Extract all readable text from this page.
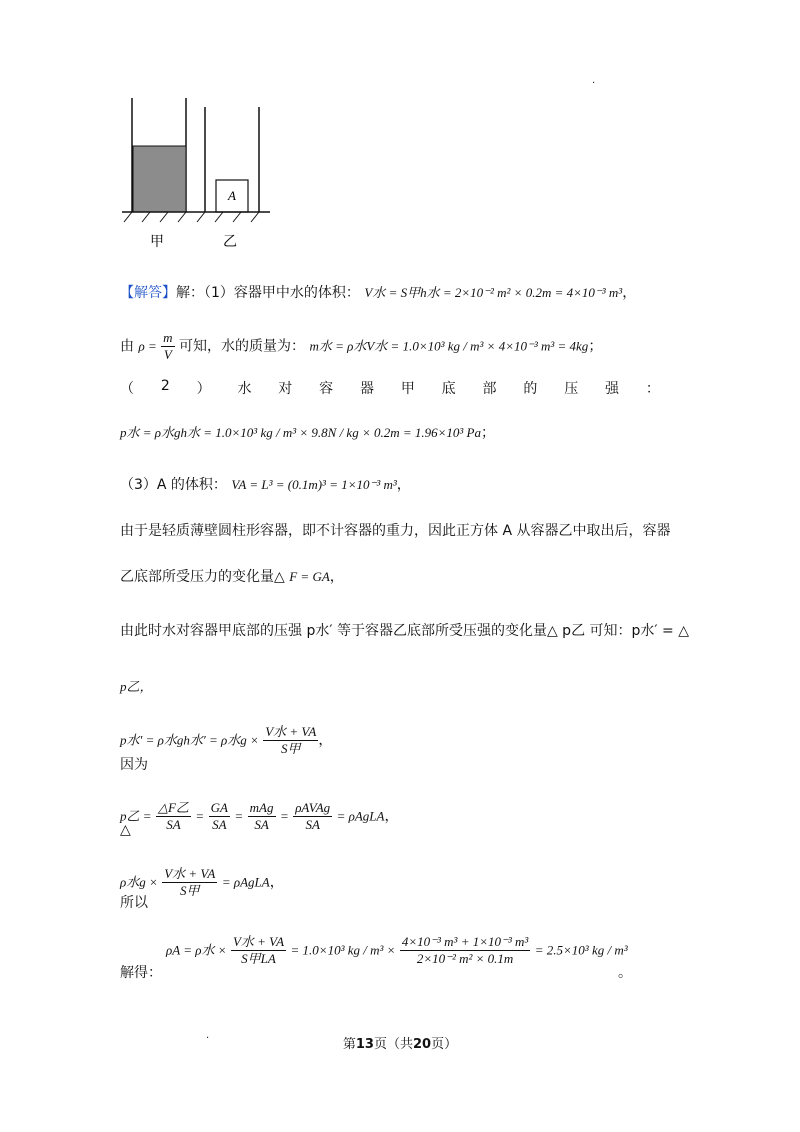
A
甲	乙
.
【解答】解：（1）容器甲中水的体积： V水 = S甲h水 = 2×10⁻² m² × 0.2m = 4×10⁻³ m³，
由 $\rho = \frac{m}{V}$ 可知，水的质量为： m水 = ρ水V水 = 1.0×10³ kg / m³ × 4×10⁻³ m³ = 4kg；
（ 2 ） 水 对 容 器 甲 底 部 的 压 强 ：
p水 = ρ水gh水 = 1.0×10³ kg / m³ × 9.8N / kg × 0.2m = 1.96×10³ Pa；
（3）A 的体积： VA = L³ = (0.1m)³ = 1×10⁻³ m³，
由于是轻质薄壁圆柱形容器，即不计容器的重力，因此正方体 A 从容器乙中取出后，容器
乙底部所受压力的变化量△ F = GA，
由此时水对容器甲底部的压强 p水′ 等于容器乙底部所受压强的变化量△ p乙 可知：p水′ = △
p乙，
p水′ = ρ水gh水′ = ρ水$g \times \frac{\text{V水 + VA}}{\text{S甲}}$ ，
因为
p乙 = $\frac{\text{△F乙}}{SA} = \frac{GA}{SA} = \frac{\text{mAg}}{SA} = \frac{\text{ρAVAg}}{SA}$ = ρAgLA，
△
ρ水$g \times \frac{\text{V水 + VA}}{\text{S甲}}$ = ρAgLA，
所以
ρA = ρ水 × $\frac{\text{V水 + VA}}{\text{S甲LA}} = 1.0\times 10^3$ kg / $m^3 \times \frac{\text{4×10⁻³ m³ + 1×10⁻³ m³}}{\text{2×10⁻² m² × 0.1m}} = 2.5\times 10^3$ kg / m³
解得：	。
.
第13页（共20页）
